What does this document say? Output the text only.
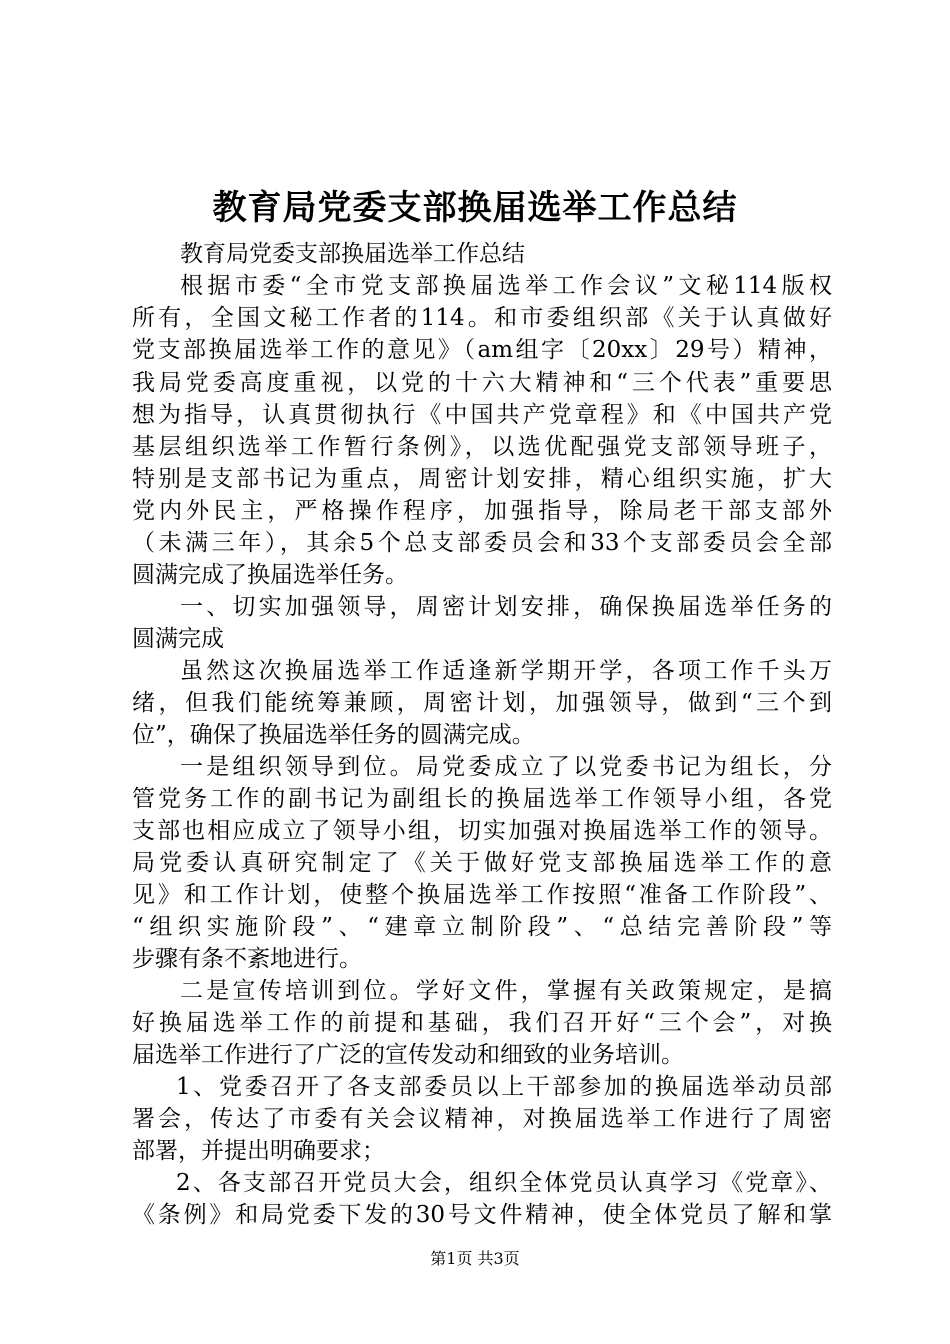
教育局党委支部换届选举工作总结
教育局党委支部换届选举工作总结
根据市委“全市党支部换届选举工作会议”文秘114版权
所有，全国文秘工作者的114。和市委组织部《关于认真做好
党支部换届选举工作的意见》（am组字〔20xx〕29号）精神，
我局党委高度重视，以党的十六大精神和“三个代表”重要思
想为指导，认真贯彻执行《中国共产党章程》和《中国共产党
基层组织选举工作暂行条例》，以选优配强党支部领导班子，
特别是支部书记为重点，周密计划安排，精心组织实施，扩大
党内外民主，严格操作程序，加强指导，除局老干部支部外
（未满三年），其余5个总支部委员会和33个支部委员会全部
圆满完成了换届选举任务。
一、切实加强领导，周密计划安排，确保换届选举任务的
圆满完成
虽然这次换届选举工作适逢新学期开学，各项工作千头万
绪，但我们能统筹兼顾，周密计划，加强领导，做到“三个到
位”，确保了换届选举任务的圆满完成。
一是组织领导到位。局党委成立了以党委书记为组长，分
管党务工作的副书记为副组长的换届选举工作领导小组，各党
支部也相应成立了领导小组，切实加强对换届选举工作的领导。
局党委认真研究制定了《关于做好党支部换届选举工作的意
见》和工作计划，使整个换届选举工作按照“准备工作阶段”、
“组织实施阶段”、“建章立制阶段”、“总结完善阶段”等
步骤有条不紊地进行。
二是宣传培训到位。学好文件，掌握有关政策规定，是搞
好换届选举工作的前提和基础，我们召开好“三个会”，对换
届选举工作进行了广泛的宣传发动和细致的业务培训。
1、党委召开了各支部委员以上干部参加的换届选举动员部
署会，传达了市委有关会议精神，对换届选举工作进行了周密
部署，并提出明确要求；
2、各支部召开党员大会，组织全体党员认真学习《党章》、
《条例》和局党委下发的30号文件精神，使全体党员了解和掌
第1页 共3页
